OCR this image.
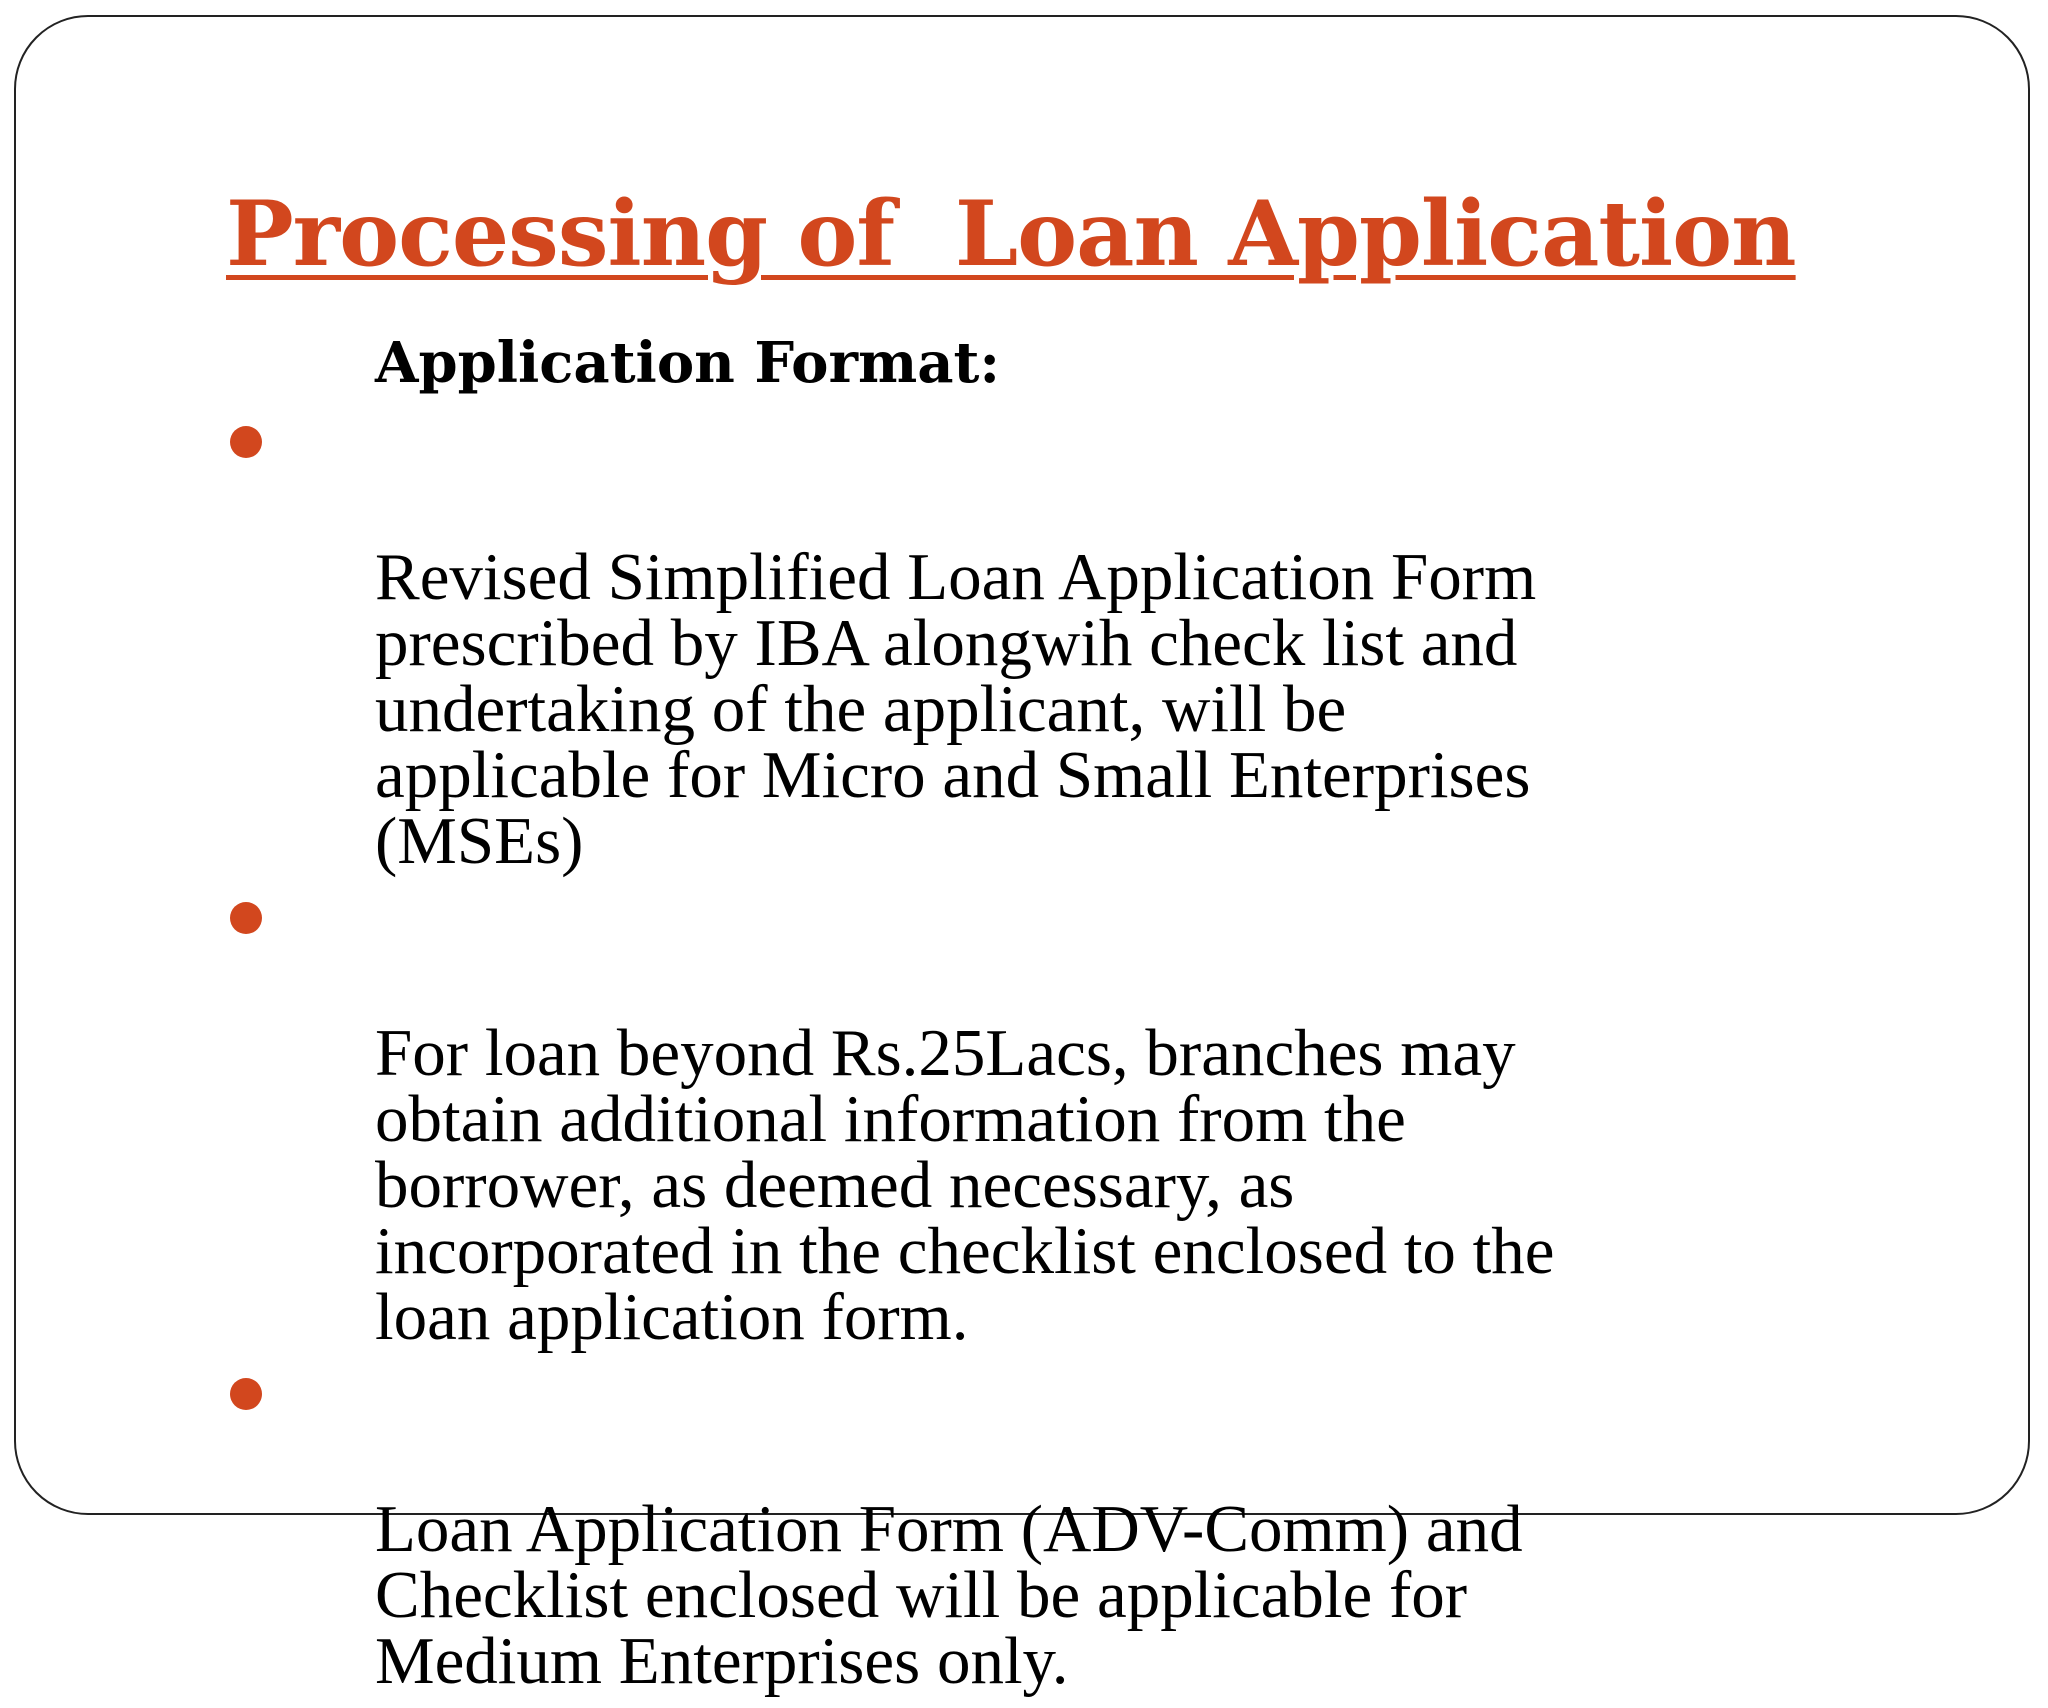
Processing of  Loan Application
Application Format:

Revised Simplified Loan Application Form
prescribed by IBA alongwih check list and
undertaking of the applicant, will be
applicable for Micro and Small Enterprises
(MSEs)

For loan beyond Rs.25Lacs, branches may
obtain additional information from the
borrower, as deemed necessary, as
incorporated in the checklist enclosed to the
loan application form.

Loan Application Form (ADV-Comm) and
Checklist enclosed will be applicable for
Medium Enterprises only.
